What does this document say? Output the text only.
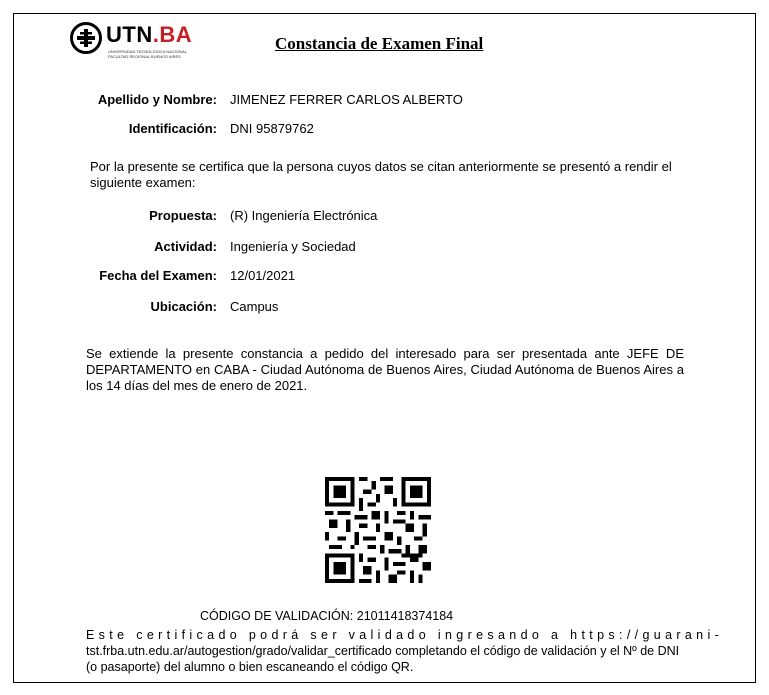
UTN.BA
UNIVERSIDAD TECNOLÓGICA NACIONAL FACULTAD REGIONAL BUENOS AIRES
Constancia de Examen Final
Apellido y Nombre: JIMENEZ FERRER CARLOS ALBERTO
Identificación: DNI 95879762
Por la presente se certifica que la persona cuyos datos se citan anteriormente se presentó a rendir el siguiente examen:
Propuesta: (R) Ingeniería Electrónica
Actividad: Ingeniería y Sociedad
Fecha del Examen: 12/01/2021
Ubicación: Campus
Se extiende la presente constancia a pedido del interesado para ser presentada ante JEFE DE DEPARTAMENTO en CABA - Ciudad Autónoma de Buenos Aires, Ciudad Autónoma de Buenos Aires a los 14 días del mes de enero de 2021.
CÓDIGO DE VALIDACIÓN: 21011418374184
Este certificado podrá ser validado ingresando a https://guarani-
tst.frba.utn.edu.ar/autogestion/grado/validar_certificado completando el código de validación y el Nº de DNI (o pasaporte) del alumno o bien escaneando el código QR.
